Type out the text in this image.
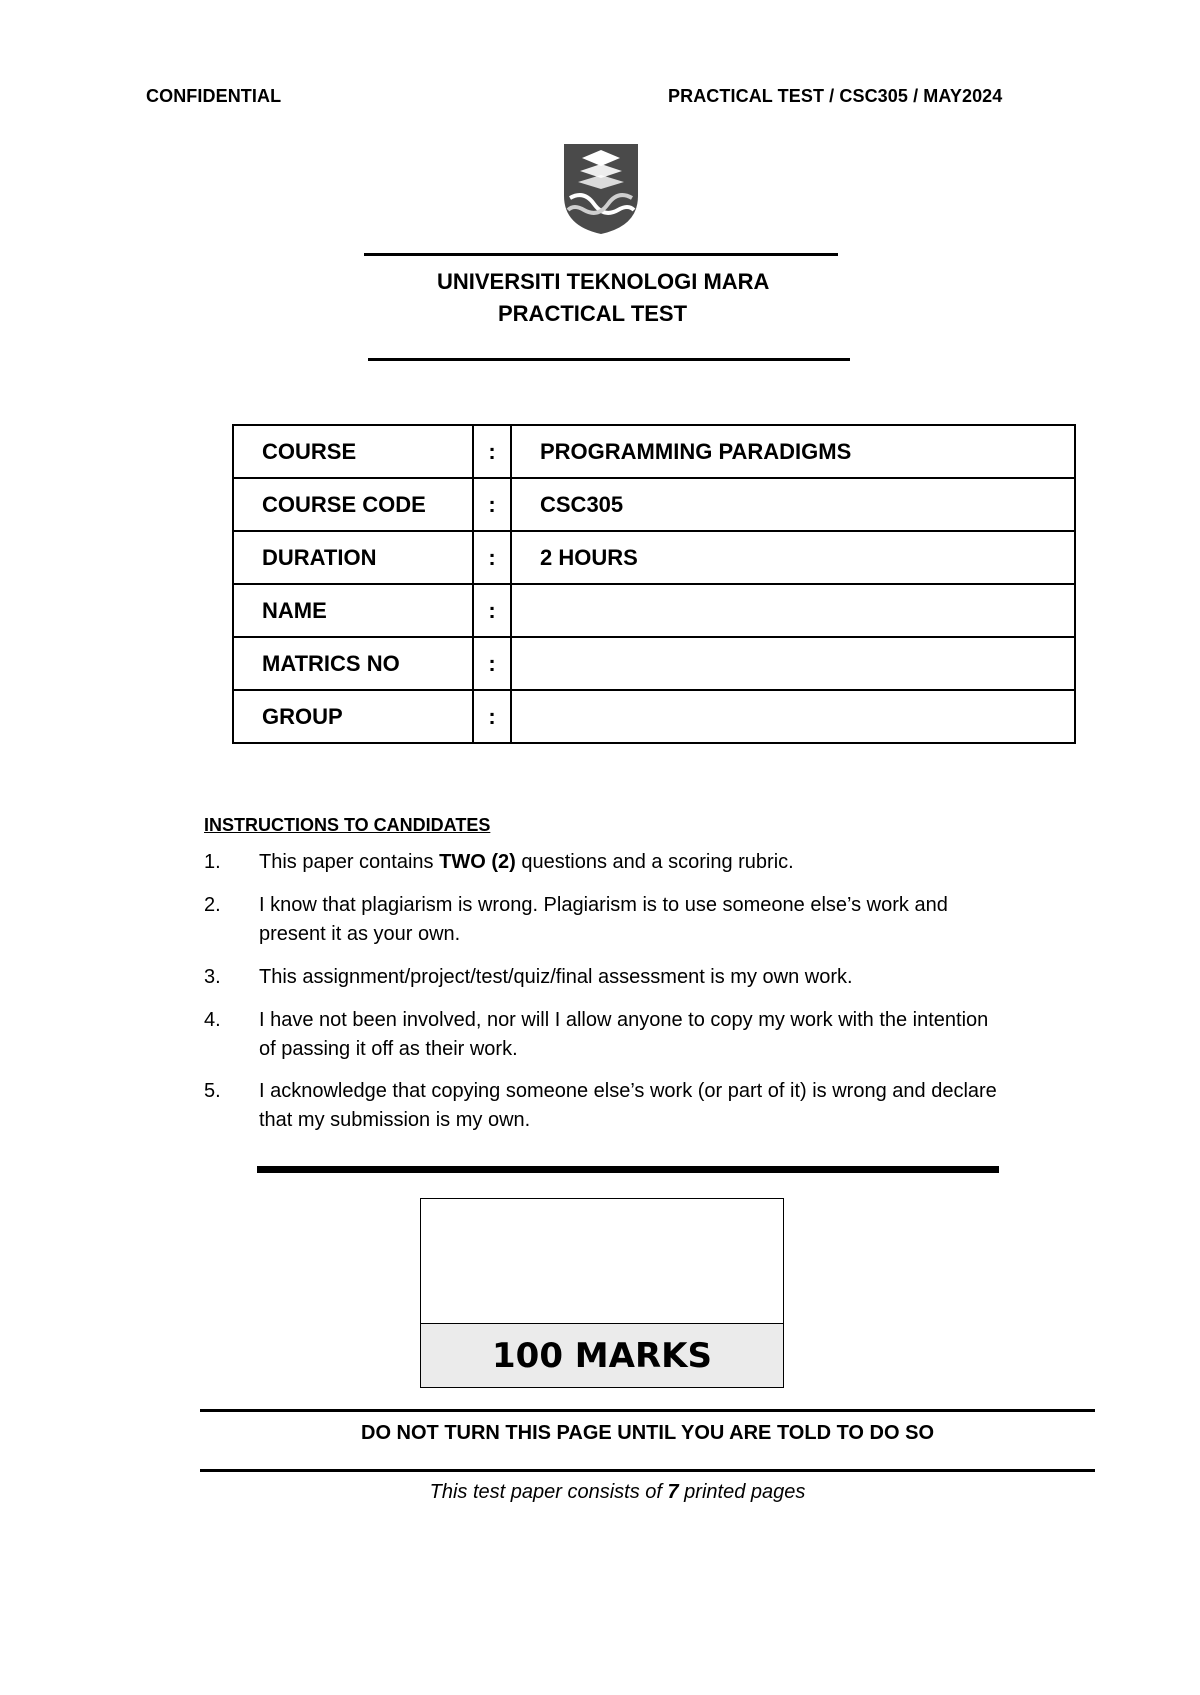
CONFIDENTIAL	PRACTICAL TEST / CSC305 / MAY2024
UNIVERSITI TEKNOLOGI MARA
PRACTICAL TEST
COURSE	:	PROGRAMMING PARADIGMS
COURSE CODE	:	CSC305
DURATION	:	2 HOURS
NAME	:	
MATRICS NO	:	
GROUP	:	
INSTRUCTIONS TO CANDIDATES
1. This paper contains TWO (2) questions and a scoring rubric.
2. I know that plagiarism is wrong. Plagiarism is to use someone else’s work and
present it as your own.
3. This assignment/project/test/quiz/final assessment is my own work.
4. I have not been involved, nor will I allow anyone to copy my work with the intention
of passing it off as their work.
5. I acknowledge that copying someone else’s work (or part of it) is wrong and declare
that my submission is my own.
100 MARKS
DO NOT TURN THIS PAGE UNTIL YOU ARE TOLD TO DO SO
This test paper consists of 7 printed pages
